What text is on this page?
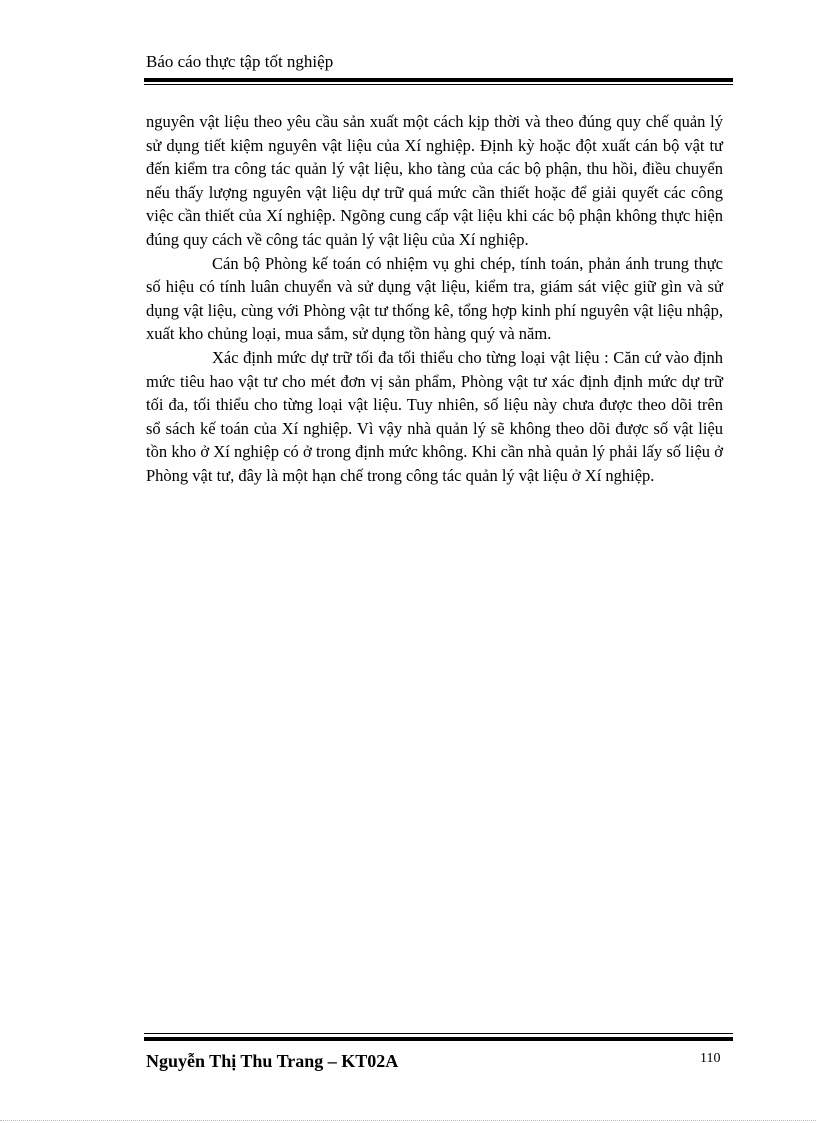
Báo cáo thực tập tốt nghiệp

nguyên vật liệu theo yêu cầu sản xuất một cách kịp thời và theo đúng quy chế quản lý sử dụng tiết kiệm nguyên vật liệu của Xí nghiệp. Định kỳ hoặc đột xuất cán bộ vật tư đến kiểm tra công tác quản lý vật liệu, kho tàng của các bộ phận, thu hồi, điều chuyển nếu thấy lượng nguyên vật liệu dự trữ quá mức cần thiết hoặc để giải quyết các công việc cần thiết của Xí nghiệp. Ngõng cung cấp vật liệu khi các bộ phận không thực hiện đúng quy cách về công tác quản lý vật liệu của Xí nghiệp.

Cán bộ Phòng kế toán có nhiệm vụ ghi chép, tính toán, phản ánh trung thực số hiệu có tính luân chuyển và sử dụng vật liệu, kiểm tra, giám sát việc giữ gìn và sử dụng vật liệu, cùng với Phòng vật tư thống kê, tổng hợp kinh phí nguyên vật liệu nhập, xuất kho chủng loại, mua sắm, sử dụng tồn hàng quý và năm.

Xác định mức dự trữ tối đa tối thiểu cho từng loại vật liệu : Căn cứ vào định mức tiêu hao vật tư cho mét đơn vị sản phẩm, Phòng vật tư xác định định mức dự trữ tối đa, tối thiểu cho từng loại vật liệu. Tuy nhiên, số liệu này chưa được theo dõi trên sổ sách kế toán của Xí nghiệp. Vì vậy nhà quản lý sẽ không theo dõi được số vật liệu tồn kho ở Xí nghiệp có ở trong định mức không. Khi cần nhà quản lý phải lấy số liệu ở Phòng vật tư, đây là một hạn chế trong công tác quản lý vật liệu ở Xí nghiệp.

Nguyễn Thị Thu Trang – KT02A	110
